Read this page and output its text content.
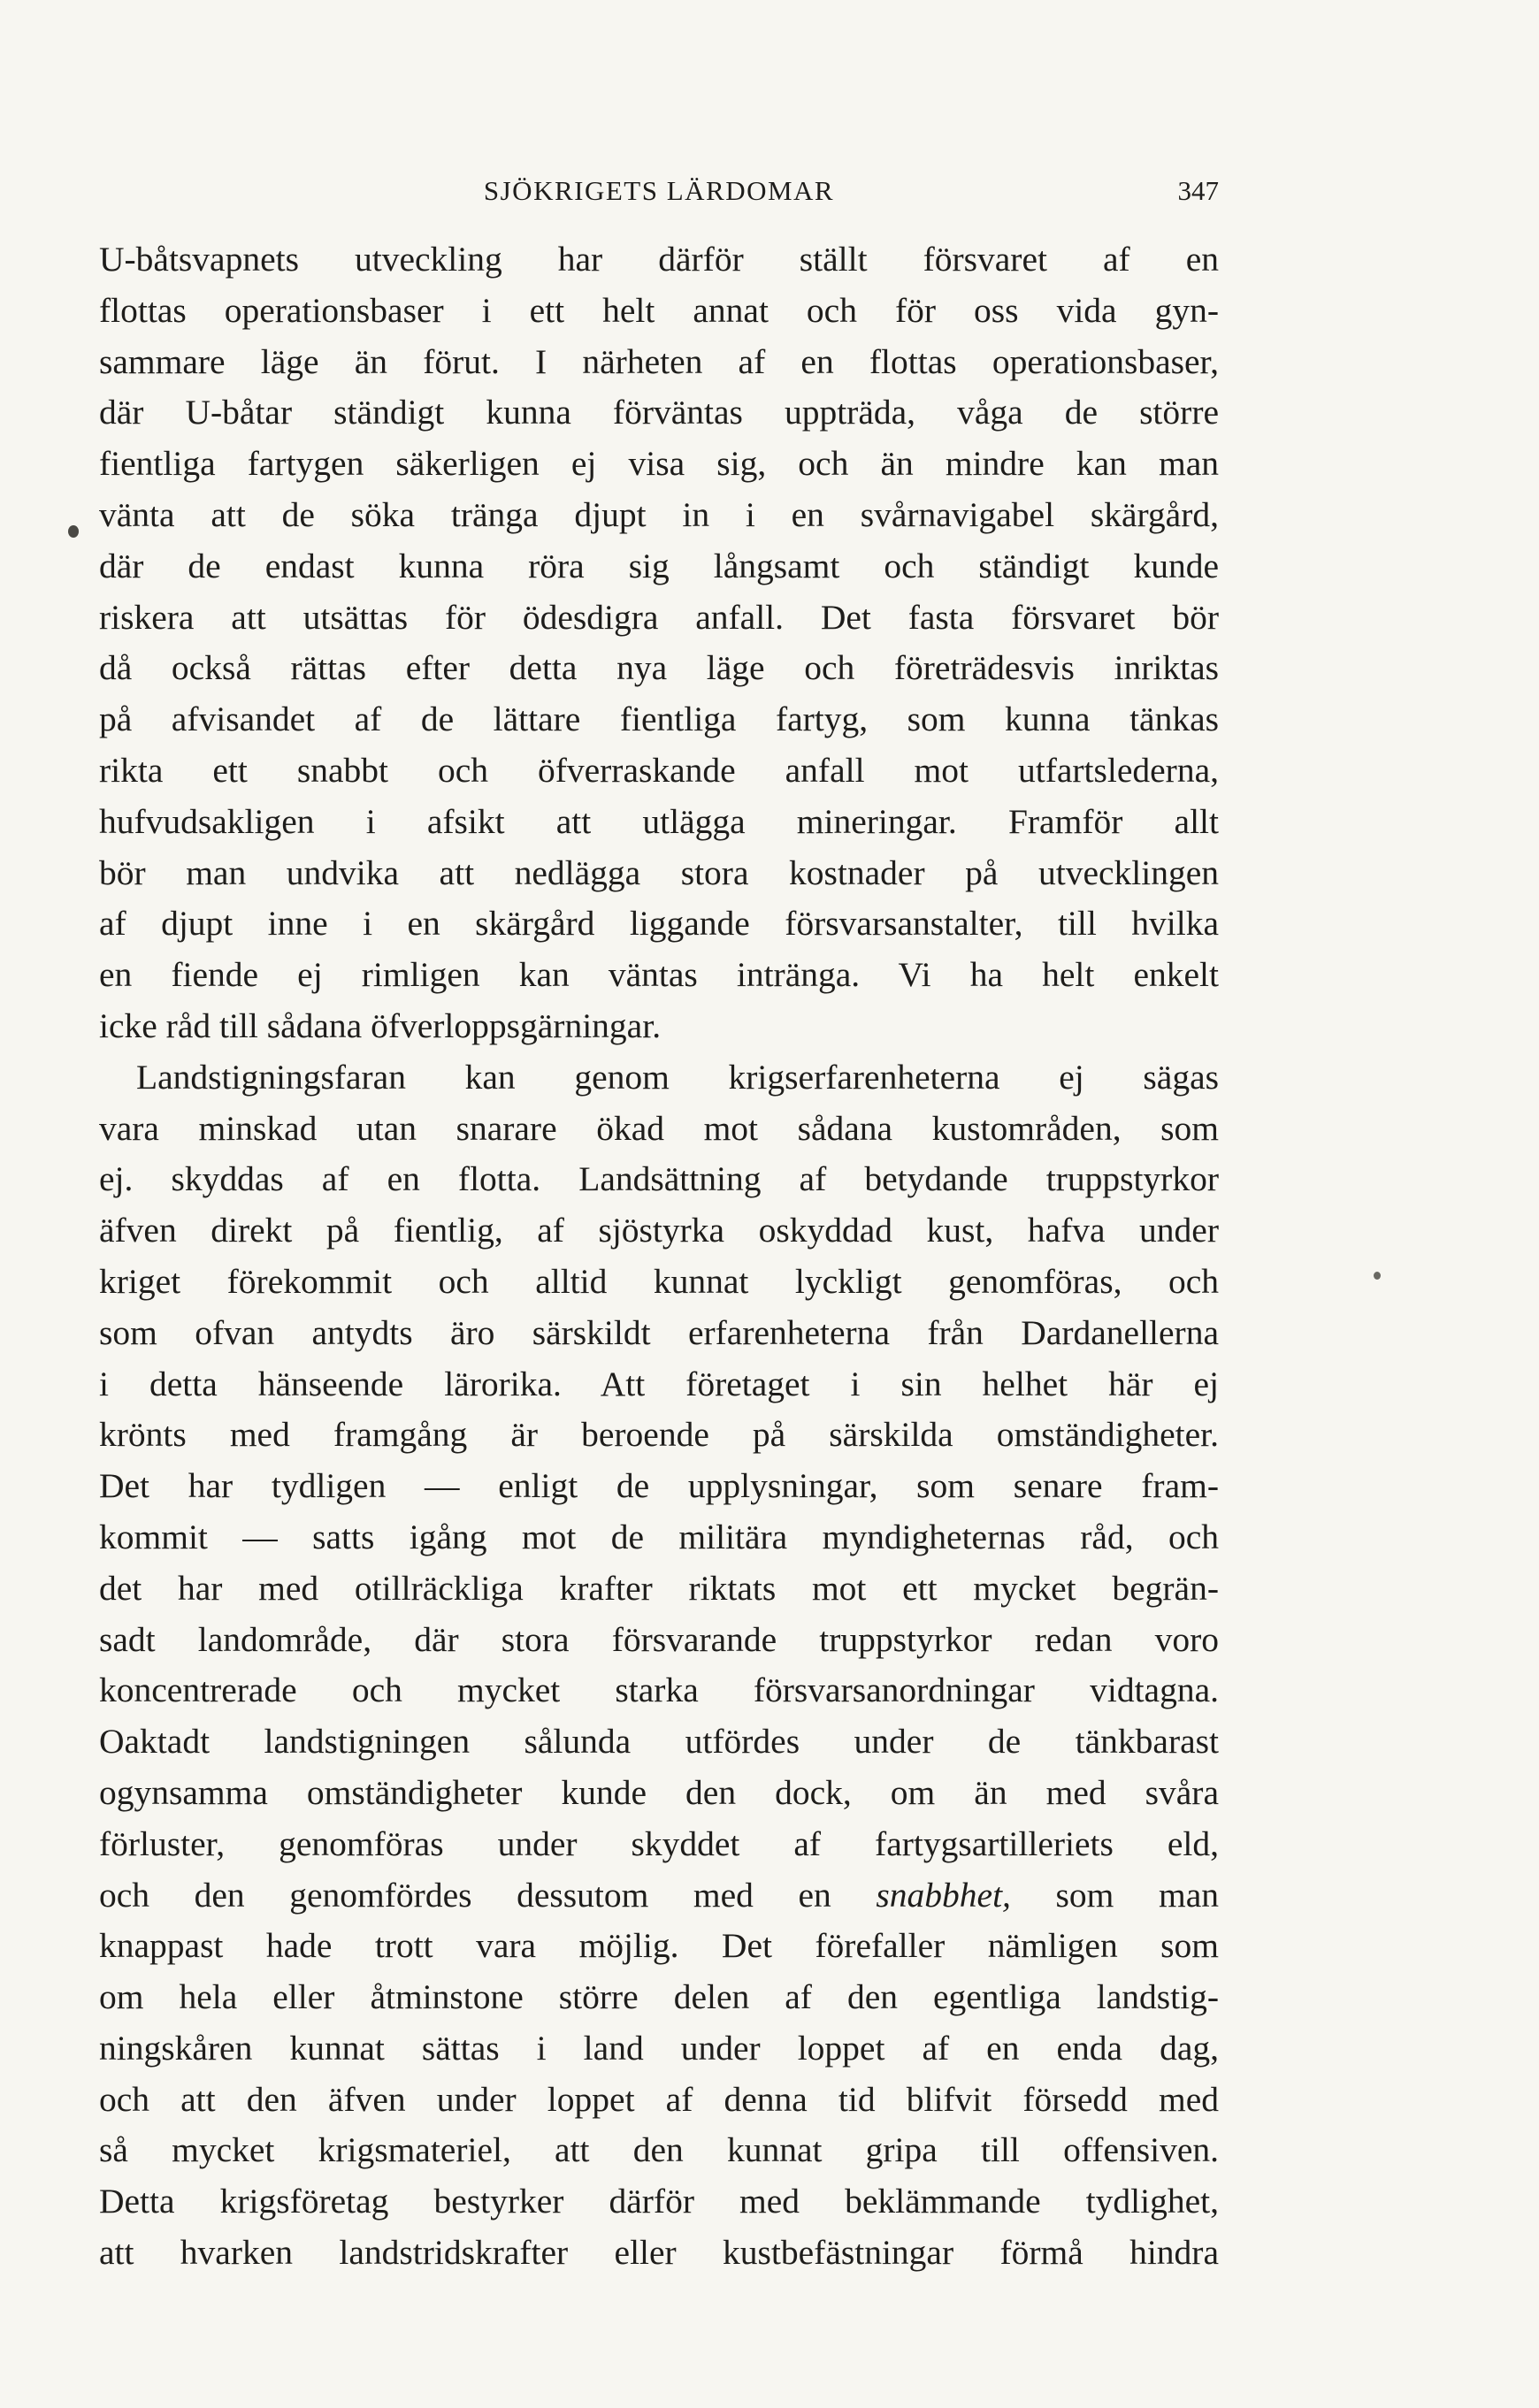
SJÖKRIGETS LÄRDOMAR	347
U-båtsvapnets utveckling har därför ställt försvaret af en
flottas operationsbaser i ett helt annat och för oss vida gyn-
sammare läge än förut. I närheten af en flottas operationsbaser,
där U-båtar ständigt kunna förväntas uppträda, våga de större
fientliga fartygen säkerligen ej visa sig, och än mindre kan man
vänta att de söka tränga djupt in i en svårnavigabel skärgård,
där de endast kunna röra sig långsamt och ständigt kunde
riskera att utsättas för ödesdigra anfall. Det fasta försvaret bör
då också rättas efter detta nya läge och företrädesvis inriktas
på afvisandet af de lättare fientliga fartyg, som kunna tänkas
rikta ett snabbt och öfverraskande anfall mot utfartslederna,
hufvudsakligen i afsikt att utlägga mineringar. Framför allt
bör man undvika att nedlägga stora kostnader på utvecklingen
af djupt inne i en skärgård liggande försvarsanstalter, till hvilka
en fiende ej rimligen kan väntas intränga. Vi ha helt enkelt
icke råd till sådana öfverloppsgärningar.
Landstigningsfaran kan genom krigserfarenheterna ej sägas
vara minskad utan snarare ökad mot sådana kustområden, som
ej. skyddas af en flotta. Landsättning af betydande truppstyrkor
äfven direkt på fientlig, af sjöstyrka oskyddad kust, hafva under
kriget förekommit och alltid kunnat lyckligt genomföras, och
som ofvan antydts äro särskildt erfarenheterna från Dardanellerna
i detta hänseende lärorika. Att företaget i sin helhet här ej
krönts med framgång är beroende på särskilda omständigheter.
Det har tydligen — enligt de upplysningar, som senare fram-
kommit — satts igång mot de militära myndigheternas råd, och
det har med otillräckliga krafter riktats mot ett mycket begrän-
sadt landområde, där stora försvarande truppstyrkor redan voro
koncentrerade och mycket starka försvarsanordningar vidtagna.
Oaktadt landstigningen sålunda utfördes under de tänkbarast
ogynsamma omständigheter kunde den dock, om än med svåra
förluster, genomföras under skyddet af fartygsartilleriets eld,
och den genomfördes dessutom med en snabbhet, som man
knappast hade trott vara möjlig. Det förefaller nämligen som
om hela eller åtminstone större delen af den egentliga landstig-
ningskåren kunnat sättas i land under loppet af en enda dag,
och att den äfven under loppet af denna tid blifvit försedd med
så mycket krigsmateriel, att den kunnat gripa till offensiven.
Detta krigsföretag bestyrker därför med beklämmande tydlighet,
att hvarken landstridskrafter eller kustbefästningar förmå hindra
